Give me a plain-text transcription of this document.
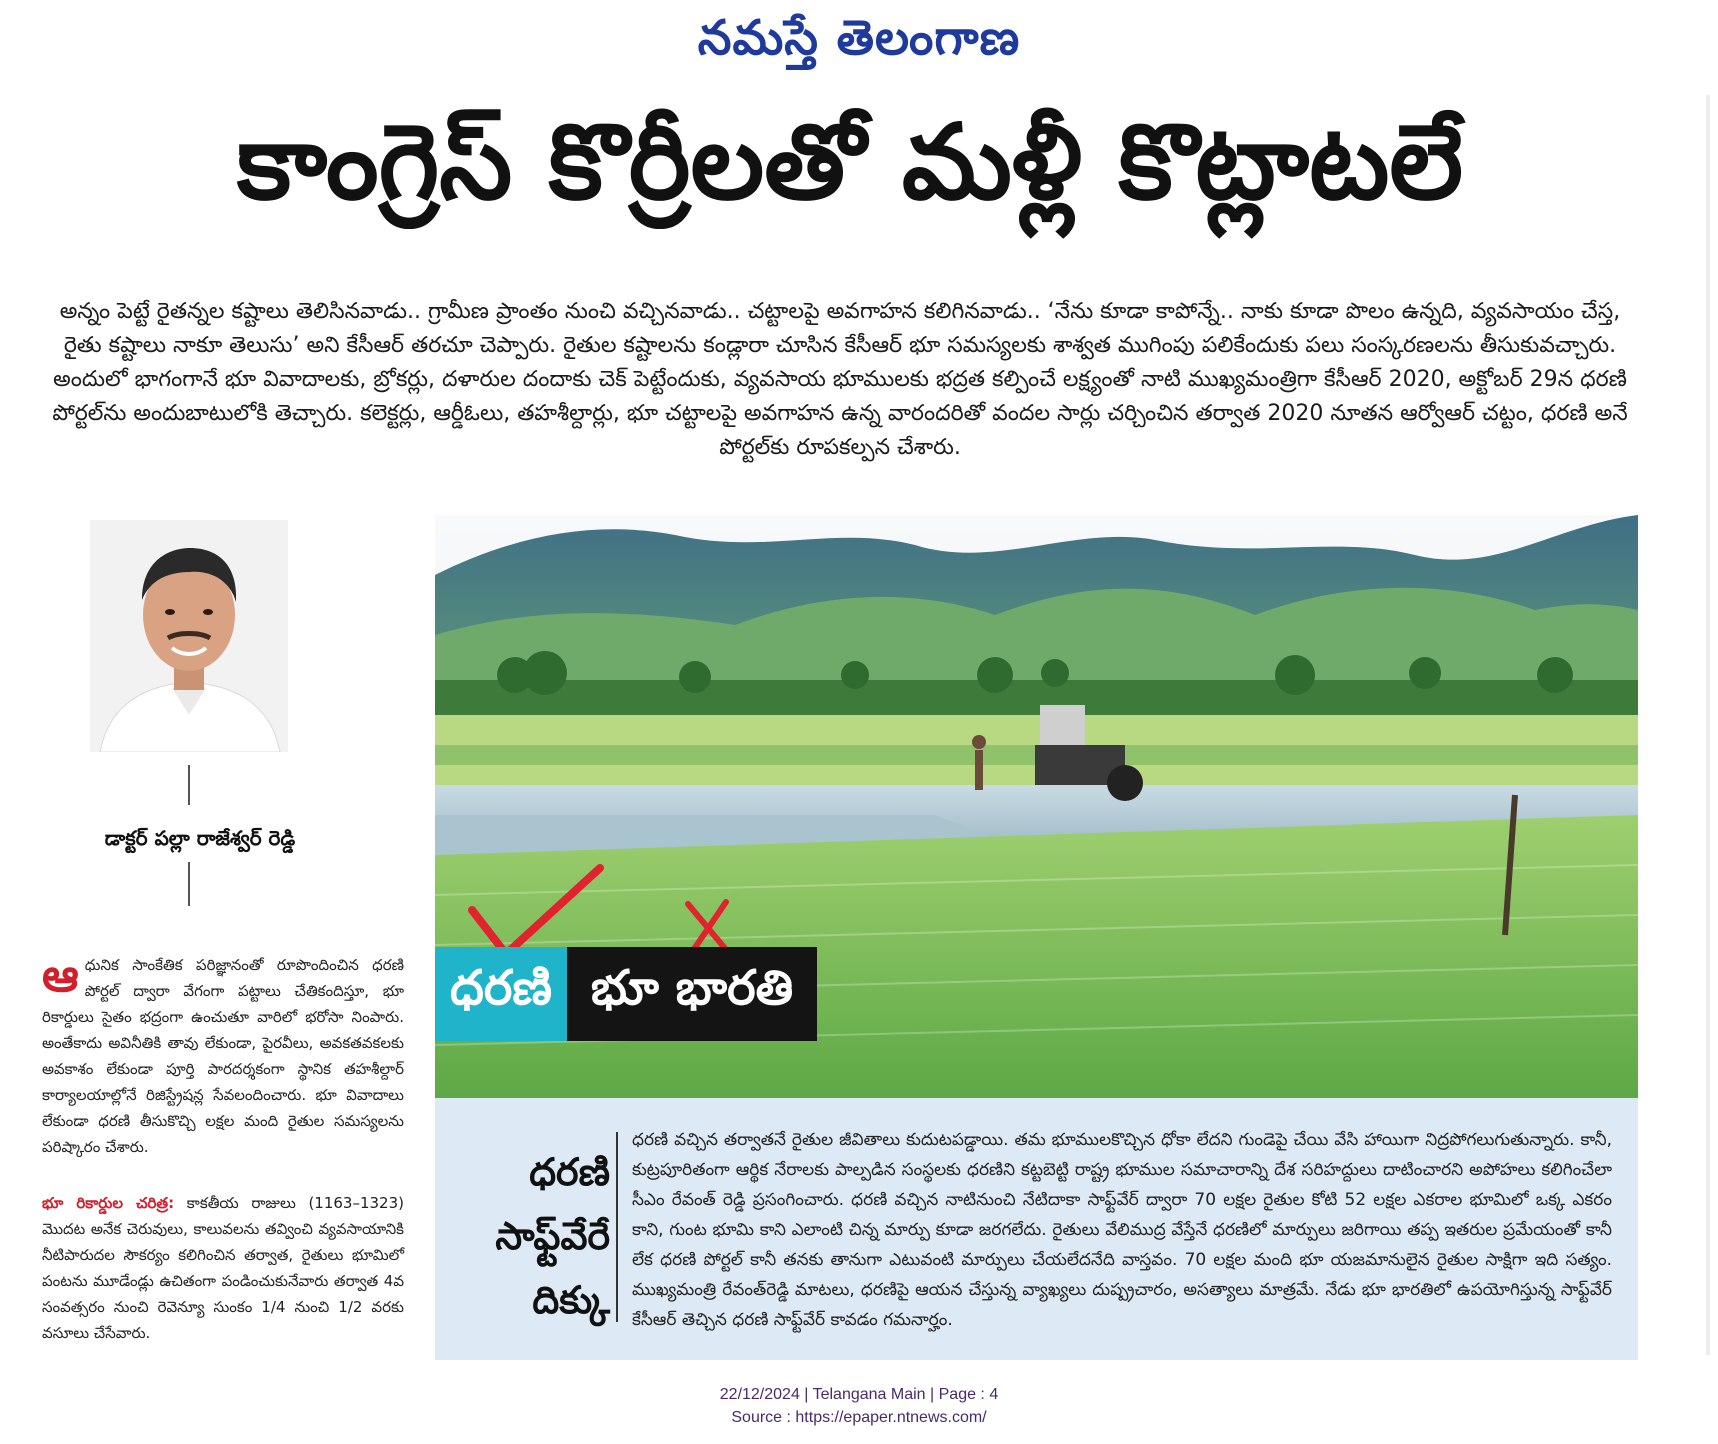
నమస్తే తెలంగాణ
కాంగ్రెస్ కొర్రీలతో మళ్లీ కొట్లాటలే
అన్నం పెట్టే రైతన్నల కష్టాలు తెలిసినవాడు.. గ్రామీణ ప్రాంతం నుంచి వచ్చినవాడు.. చట్టాలపై అవగాహన కలిగినవాడు.. ‘నేను కూడా కాపోన్నే.. నాకు కూడా పొలం ఉన్నది, వ్యవసాయం చేస్త, రైతు కష్టాలు నాకూ తెలుసు’ అని కేసీఆర్ తరచూ చెప్పారు. రైతుల కష్టాలను కండ్లారా చూసిన కేసీఆర్ భూ సమస్యలకు శాశ్వత ముగింపు పలికేందుకు పలు సంస్కరణలను తీసుకువచ్చారు. అందులో భాగంగానే భూ వివాదాలకు, బ్రోకర్లు, దళారుల దందాకు చెక్ పెట్టేందుకు, వ్యవసాయ భూములకు భద్రత కల్పించే లక్ష్యంతో నాటి ముఖ్యమంత్రిగా కేసీఆర్ 2020, అక్టోబర్ 29న ధరణి పోర్టల్‌ను అందుబాటులోకి తెచ్చారు. కలెక్టర్లు, ఆర్డీఓలు, తహశీల్దార్లు, భూ చట్టాలపై అవగాహన ఉన్న వారందరితో వందల సార్లు చర్చించిన తర్వాత 2020 నూతన ఆర్వోఆర్ చట్టం, ధరణి అనే పోర్టల్‌కు రూపకల్పన చేశారు.
డాక్టర్ పల్లా రాజేశ్వర్ రెడ్డి
ఆధునిక సాంకేతిక పరిజ్ఞానంతో రూపొందించిన ధరణి పోర్టల్ ద్వారా వేగంగా పట్టాలు చేతికందిస్తూ, భూ రికార్డులు సైతం భద్రంగా ఉంచుతూ వారిలో భరోసా నింపారు. అంతేకాదు అవినీతికి తావు లేకుండా, పైరవీలు, అవకతవకలకు అవకాశం లేకుండా పూర్తి పారదర్శకంగా స్థానిక తహశీల్దార్ కార్యాలయాల్లోనే రిజిస్ట్రేషన్ల సేవలందించారు. భూ వివాదాలు లేకుండా ధరణి తీసుకొచ్చి లక్షల మంది రైతుల సమస్యలను పరిష్కారం చేశారు.
భూ రికార్డుల చరిత్ర: కాకతీయ రాజులు (1163–1323) మొదట అనేక చెరువులు, కాలువలను తవ్వించి వ్యవసాయానికి నీటిపారుదల సౌకర్యం కలిగించిన తర్వాత, రైతులు భూమిలో పంటను మూడేండ్లు ఉచితంగా పండించుకునేవారు తర్వాత 4వ సంవత్సరం నుంచి రెవెన్యూ సుంకం 1/4 నుంచి 1/2 వరకు వసూలు చేసేవారు.
ధరణి భూ భారతి
ధరణి
సాఫ్ట్‌వేరే
దిక్కు
ధరణి వచ్చిన తర్వాతనే రైతుల జీవితాలు కుదుటపడ్డాయి. తమ భూములకొచ్చిన ధోకా లేదని గుండెపై చేయి వేసి హాయిగా నిద్రపోగలుగుతున్నారు. కానీ, కుట్రపూరితంగా ఆర్థిక నేరాలకు పాల్పడిన సంస్థలకు ధరణిని కట్టబెట్టి రాష్ట్ర భూముల సమాచారాన్ని దేశ సరిహద్దులు దాటించారని అపోహలు కలిగించేలా సీఎం రేవంత్ రెడ్డి ప్రసంగించారు. ధరణి వచ్చిన నాటినుంచి నేటిదాకా సాఫ్ట్‌వేర్ ద్వారా 70 లక్షల రైతుల కోటి 52 లక్షల ఎకరాల భూమిలో ఒక్క ఎకరం కాని, గుంట భూమి కాని ఎలాంటి చిన్న మార్పు కూడా జరగలేదు. రైతులు వేలిముద్ర వేస్తేనే ధరణిలో మార్పులు జరిగాయి తప్ప ఇతరుల ప్రమేయంతో కానీ లేక ధరణి పోర్టల్ కానీ తనకు తానుగా ఎటువంటి మార్పులు చేయలేదనేది వాస్తవం. 70 లక్షల మంది భూ యజమానులైన రైతుల సాక్షిగా ఇది సత్యం. ముఖ్యమంత్రి రేవంత్‌రెడ్డి మాటలు, ధరణిపై ఆయన చేస్తున్న వ్యాఖ్యలు దుష్ప్రచారం, అసత్యాలు మాత్రమే. నేడు భూ భారతిలో ఉపయోగిస్తున్న సాఫ్ట్‌వేర్ కేసీఆర్ తెచ్చిన ధరణి సాఫ్ట్‌వేర్ కావడం గమనార్హం.
22/12/2024 | Telangana Main | Page : 4
Source : https://epaper.ntnews.com/
